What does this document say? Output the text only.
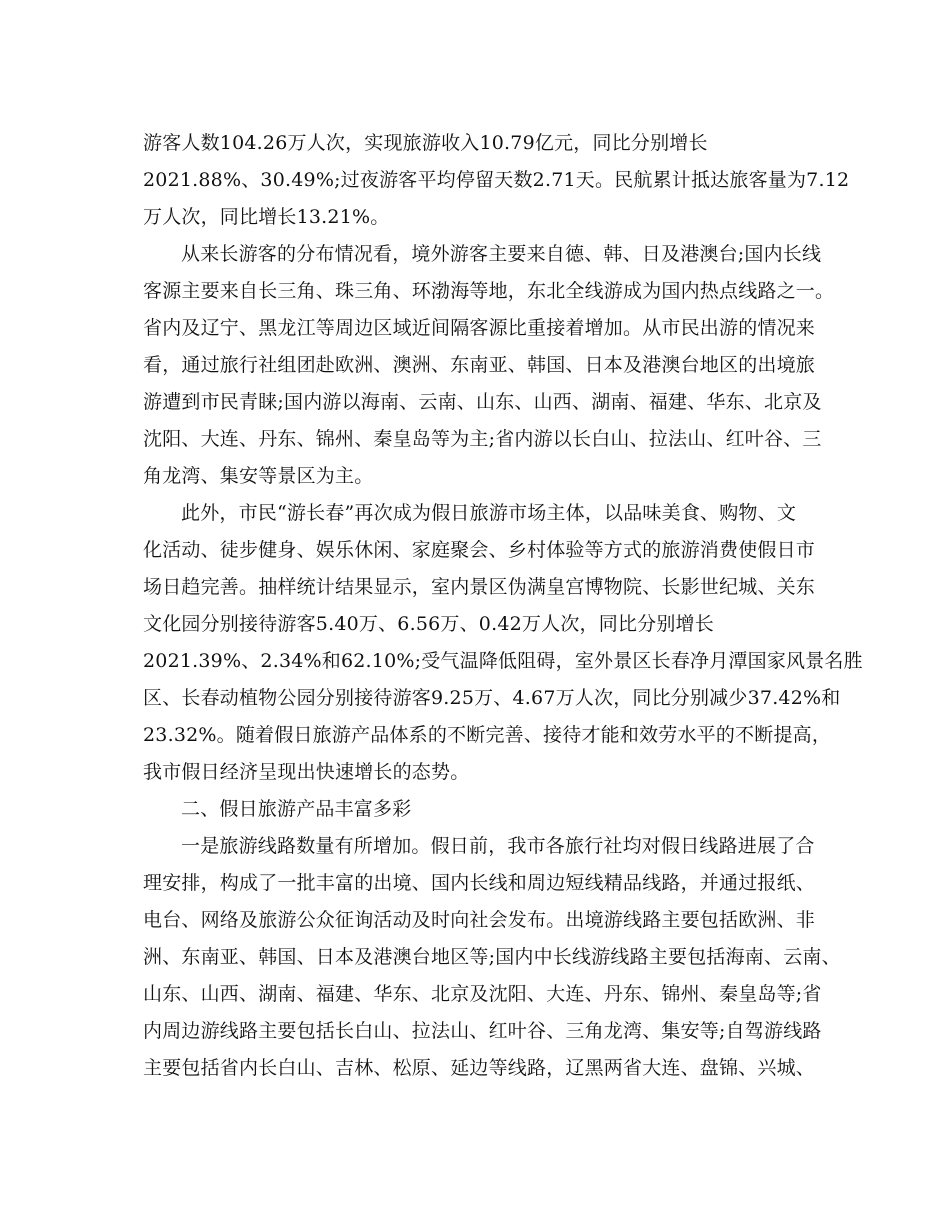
游客人数104.26万人次，实现旅游收入10.79亿元，同比分别增长
2021.88%、30.49%;过夜游客平均停留天数2.71天。民航累计抵达旅客量为7.12
万人次，同比增长13.21%。
从来长游客的分布情况看，境外游客主要来自德、韩、日及港澳台;国内长线
客源主要来自长三角、珠三角、环渤海等地，东北全线游成为国内热点线路之一。
省内及辽宁、黑龙江等周边区域近间隔客源比重接着增加。从市民出游的情况来
看，通过旅行社组团赴欧洲、澳洲、东南亚、韩国、日本及港澳台地区的出境旅
游遭到市民青睐;国内游以海南、云南、山东、山西、湖南、福建、华东、北京及
沈阳、大连、丹东、锦州、秦皇岛等为主;省内游以长白山、拉法山、红叶谷、三
角龙湾、集安等景区为主。
此外，市民“游长春”再次成为假日旅游市场主体，以品味美食、购物、文
化活动、徒步健身、娱乐休闲、家庭聚会、乡村体验等方式的旅游消费使假日市
场日趋完善。抽样统计结果显示，室内景区伪满皇宫博物院、长影世纪城、关东
文化园分别接待游客5.40万、6.56万、0.42万人次，同比分别增长
2021.39%、2.34%和62.10%;受气温降低阻碍，室外景区长春净月潭国家风景名胜
区、长春动植物公园分别接待游客9.25万、4.67万人次，同比分别减少37.42%和
23.32%。随着假日旅游产品体系的不断完善、接待才能和效劳水平的不断提高，
我市假日经济呈现出快速增长的态势。
二、假日旅游产品丰富多彩
一是旅游线路数量有所增加。假日前，我市各旅行社均对假日线路进展了合
理安排，构成了一批丰富的出境、国内长线和周边短线精品线路，并通过报纸、
电台、网络及旅游公众征询活动及时向社会发布。出境游线路主要包括欧洲、非
洲、东南亚、韩国、日本及港澳台地区等;国内中长线游线路主要包括海南、云南、
山东、山西、湖南、福建、华东、北京及沈阳、大连、丹东、锦州、秦皇岛等;省
内周边游线路主要包括长白山、拉法山、红叶谷、三角龙湾、集安等;自驾游线路
主要包括省内长白山、吉林、松原、延边等线路，辽黑两省大连、盘锦、兴城、
